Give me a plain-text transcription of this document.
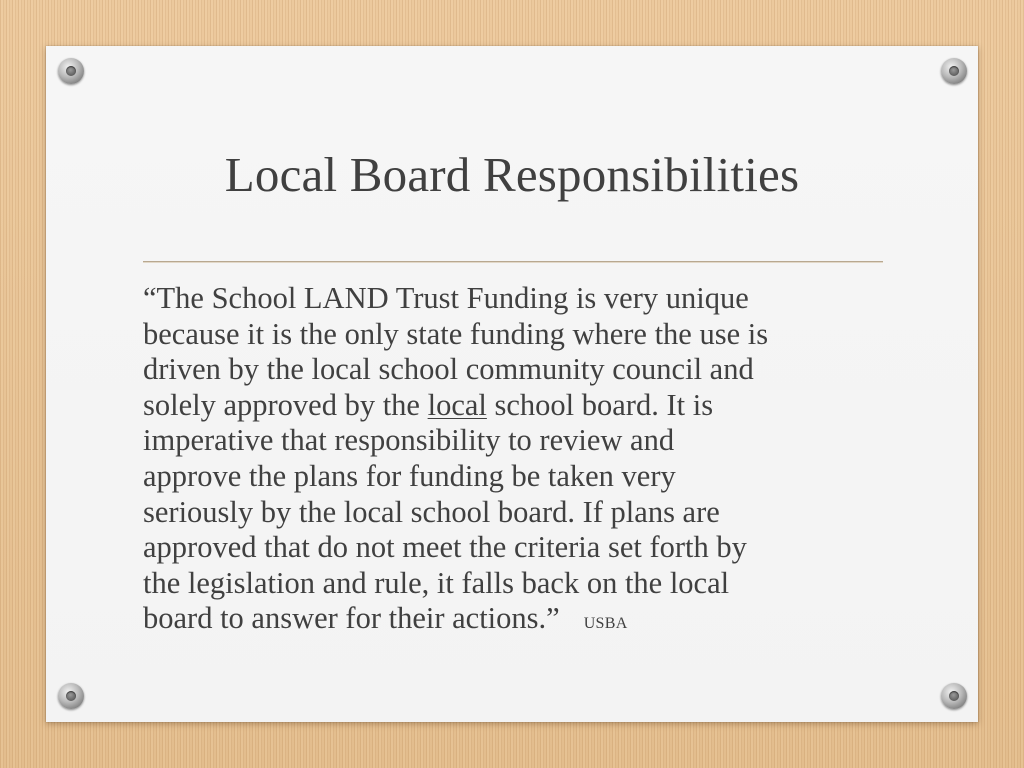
Local Board Responsibilities
“The School LAND Trust Funding is very unique
because it is the only state funding where the use is
driven by the local school community council and
solely approved by the local school board. It is
imperative that responsibility to review and
approve the plans for funding be taken very
seriously by the local school board. If plans are
approved that do not meet the criteria set forth by
the legislation and rule, it falls back on the local
board to answer for their actions.” USBA
